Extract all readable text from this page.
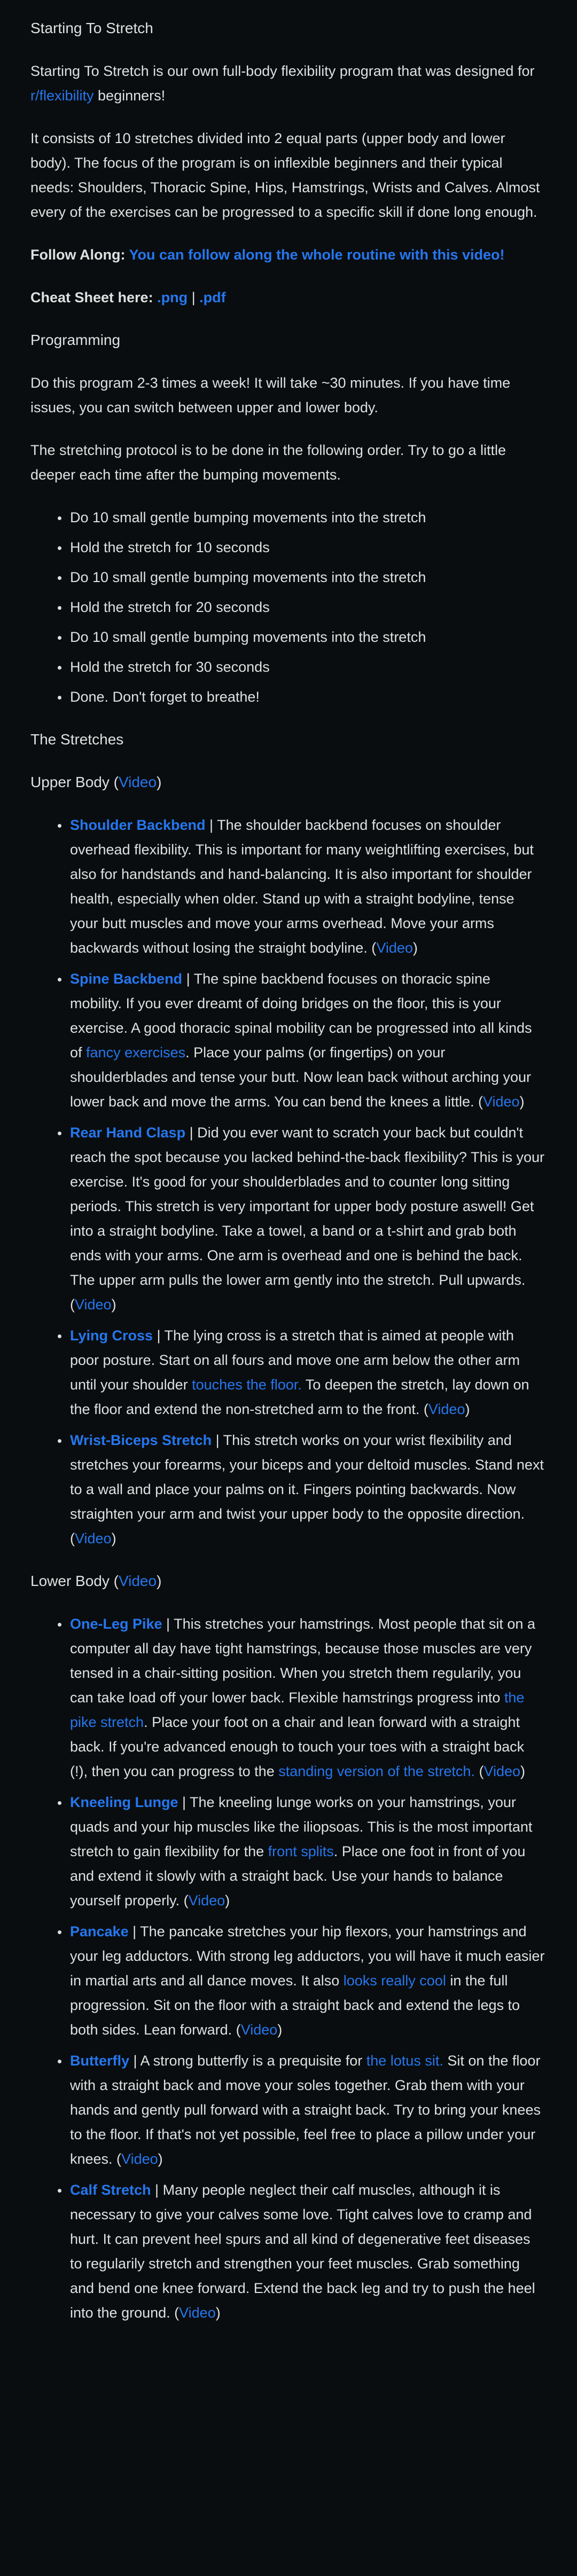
Starting To Stretch

Starting To Stretch is our own full-body flexibility program that was designed for r/flexibility beginners!

It consists of 10 stretches divided into 2 equal parts (upper body and lower body). The focus of the program is on inflexible beginners and their typical needs: Shoulders, Thoracic Spine, Hips, Hamstrings, Wrists and Calves. Almost every of the exercises can be progressed to a specific skill if done long enough.

Follow Along: You can follow along the whole routine with this video!

Cheat Sheet here: .png | .pdf

Programming

Do this program 2-3 times a week! It will take ~30 minutes. If you have time issues, you can switch between upper and lower body.

The stretching protocol is to be done in the following order. Try to go a little deeper each time after the bumping movements.

• Do 10 small gentle bumping movements into the stretch
• Hold the stretch for 10 seconds
• Do 10 small gentle bumping movements into the stretch
• Hold the stretch for 20 seconds
• Do 10 small gentle bumping movements into the stretch
• Hold the stretch for 30 seconds
• Done. Don't forget to breathe!
The Stretches
Upper Body (Video)
• Shoulder Backbend | The shoulder backbend focuses on shoulder overhead flexibility. This is important for many weightlifting exercises, but also for handstands and hand-balancing. It is also important for shoulder health, especially when older. Stand up with a straight bodyline, tense your butt muscles and move your arms overhead. Move your arms backwards without losing the straight bodyline. (Video)
• Spine Backbend | The spine backbend focuses on thoracic spine mobility. If you ever dreamt of doing bridges on the floor, this is your exercise. A good thoracic spinal mobility can be progressed into all kinds of fancy exercises. Place your palms (or fingertips) on your shoulderblades and tense your butt. Now lean back without arching your lower back and move the arms. You can bend the knees a little. (Video)
• Rear Hand Clasp | Did you ever want to scratch your back but couldn't reach the spot because you lacked behind-the-back flexibility? This is your exercise. It's good for your shoulderblades and to counter long sitting periods. This stretch is very important for upper body posture aswell! Get into a straight bodyline. Take a towel, a band or a t-shirt and grab both ends with your arms. One arm is overhead and one is behind the back. The upper arm pulls the lower arm gently into the stretch. Pull upwards. (Video)
• Lying Cross | The lying cross is a stretch that is aimed at people with poor posture. Start on all fours and move one arm below the other arm until your shoulder touches the floor. To deepen the stretch, lay down on the floor and extend the non-stretched arm to the front. (Video)
• Wrist-Biceps Stretch | This stretch works on your wrist flexibility and stretches your forearms, your biceps and your deltoid muscles. Stand next to a wall and place your palms on it. Fingers pointing backwards. Now straighten your arm and twist your upper body to the opposite direction. (Video)
Lower Body (Video)
• One-Leg Pike | This stretches your hamstrings. Most people that sit on a computer all day have tight hamstrings, because those muscles are very tensed in a chair-sitting position. When you stretch them regularily, you can take load off your lower back. Flexible hamstrings progress into the pike stretch. Place your foot on a chair and lean forward with a straight back. If you're advanced enough to touch your toes with a straight back (!), then you can progress to the standing version of the stretch. (Video)
• Kneeling Lunge | The kneeling lunge works on your hamstrings, your quads and your hip muscles like the iliopsoas. This is the most important stretch to gain flexibility for the front splits. Place one foot in front of you and extend it slowly with a straight back. Use your hands to balance yourself properly. (Video)
• Pancake | The pancake stretches your hip flexors, your hamstrings and your leg adductors. With strong leg adductors, you will have it much easier in martial arts and all dance moves. It also looks really cool in the full progression. Sit on the floor with a straight back and extend the legs to both sides. Lean forward. (Video)
• Butterfly | A strong butterfly is a prequisite for the lotus sit. Sit on the floor with a straight back and move your soles together. Grab them with your hands and gently pull forward with a straight back. Try to bring your knees to the floor. If that's not yet possible, feel free to place a pillow under your knees. (Video)
• Calf Stretch | Many people neglect their calf muscles, although it is necessary to give your calves some love. Tight calves love to cramp and hurt. It can prevent heel spurs and all kind of degenerative feet diseases to regularily stretch and strengthen your feet muscles. Grab something and bend one knee forward. Extend the back leg and try to push the heel into the ground. (Video)
